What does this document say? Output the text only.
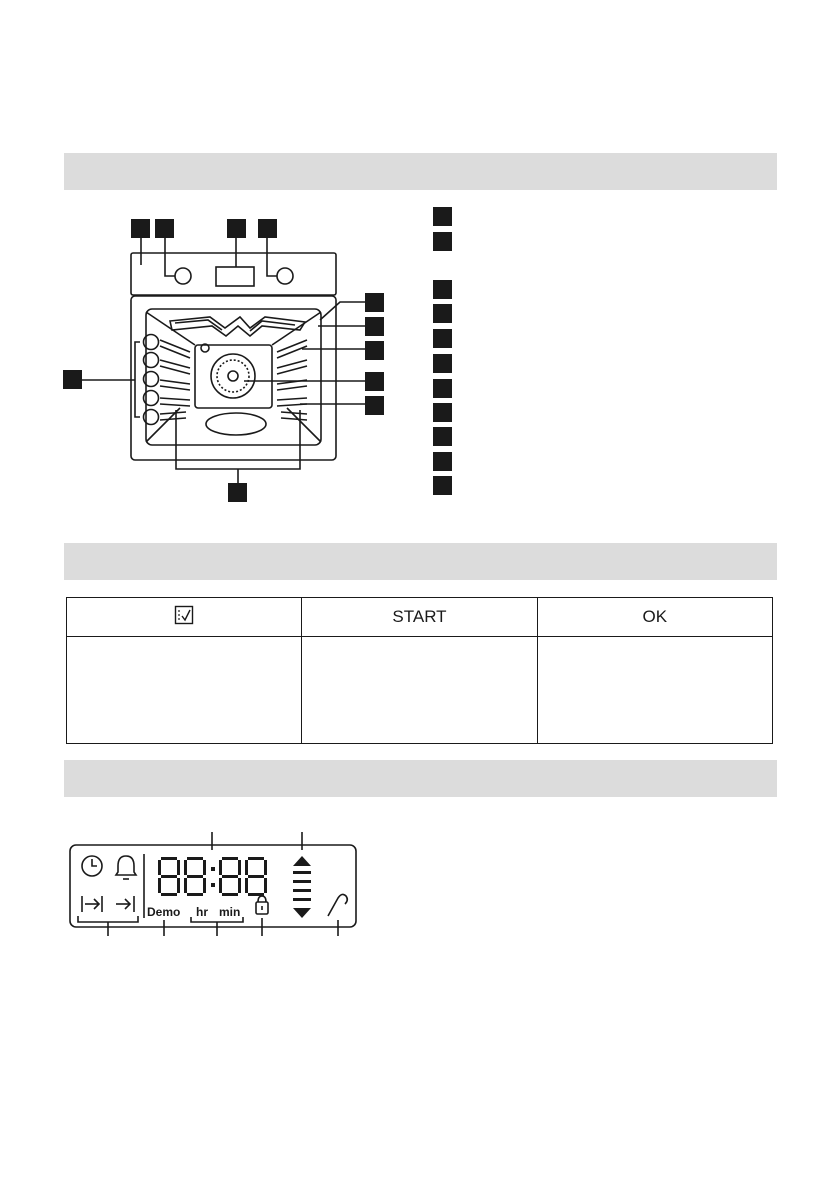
	START	OK

Demo hr min
